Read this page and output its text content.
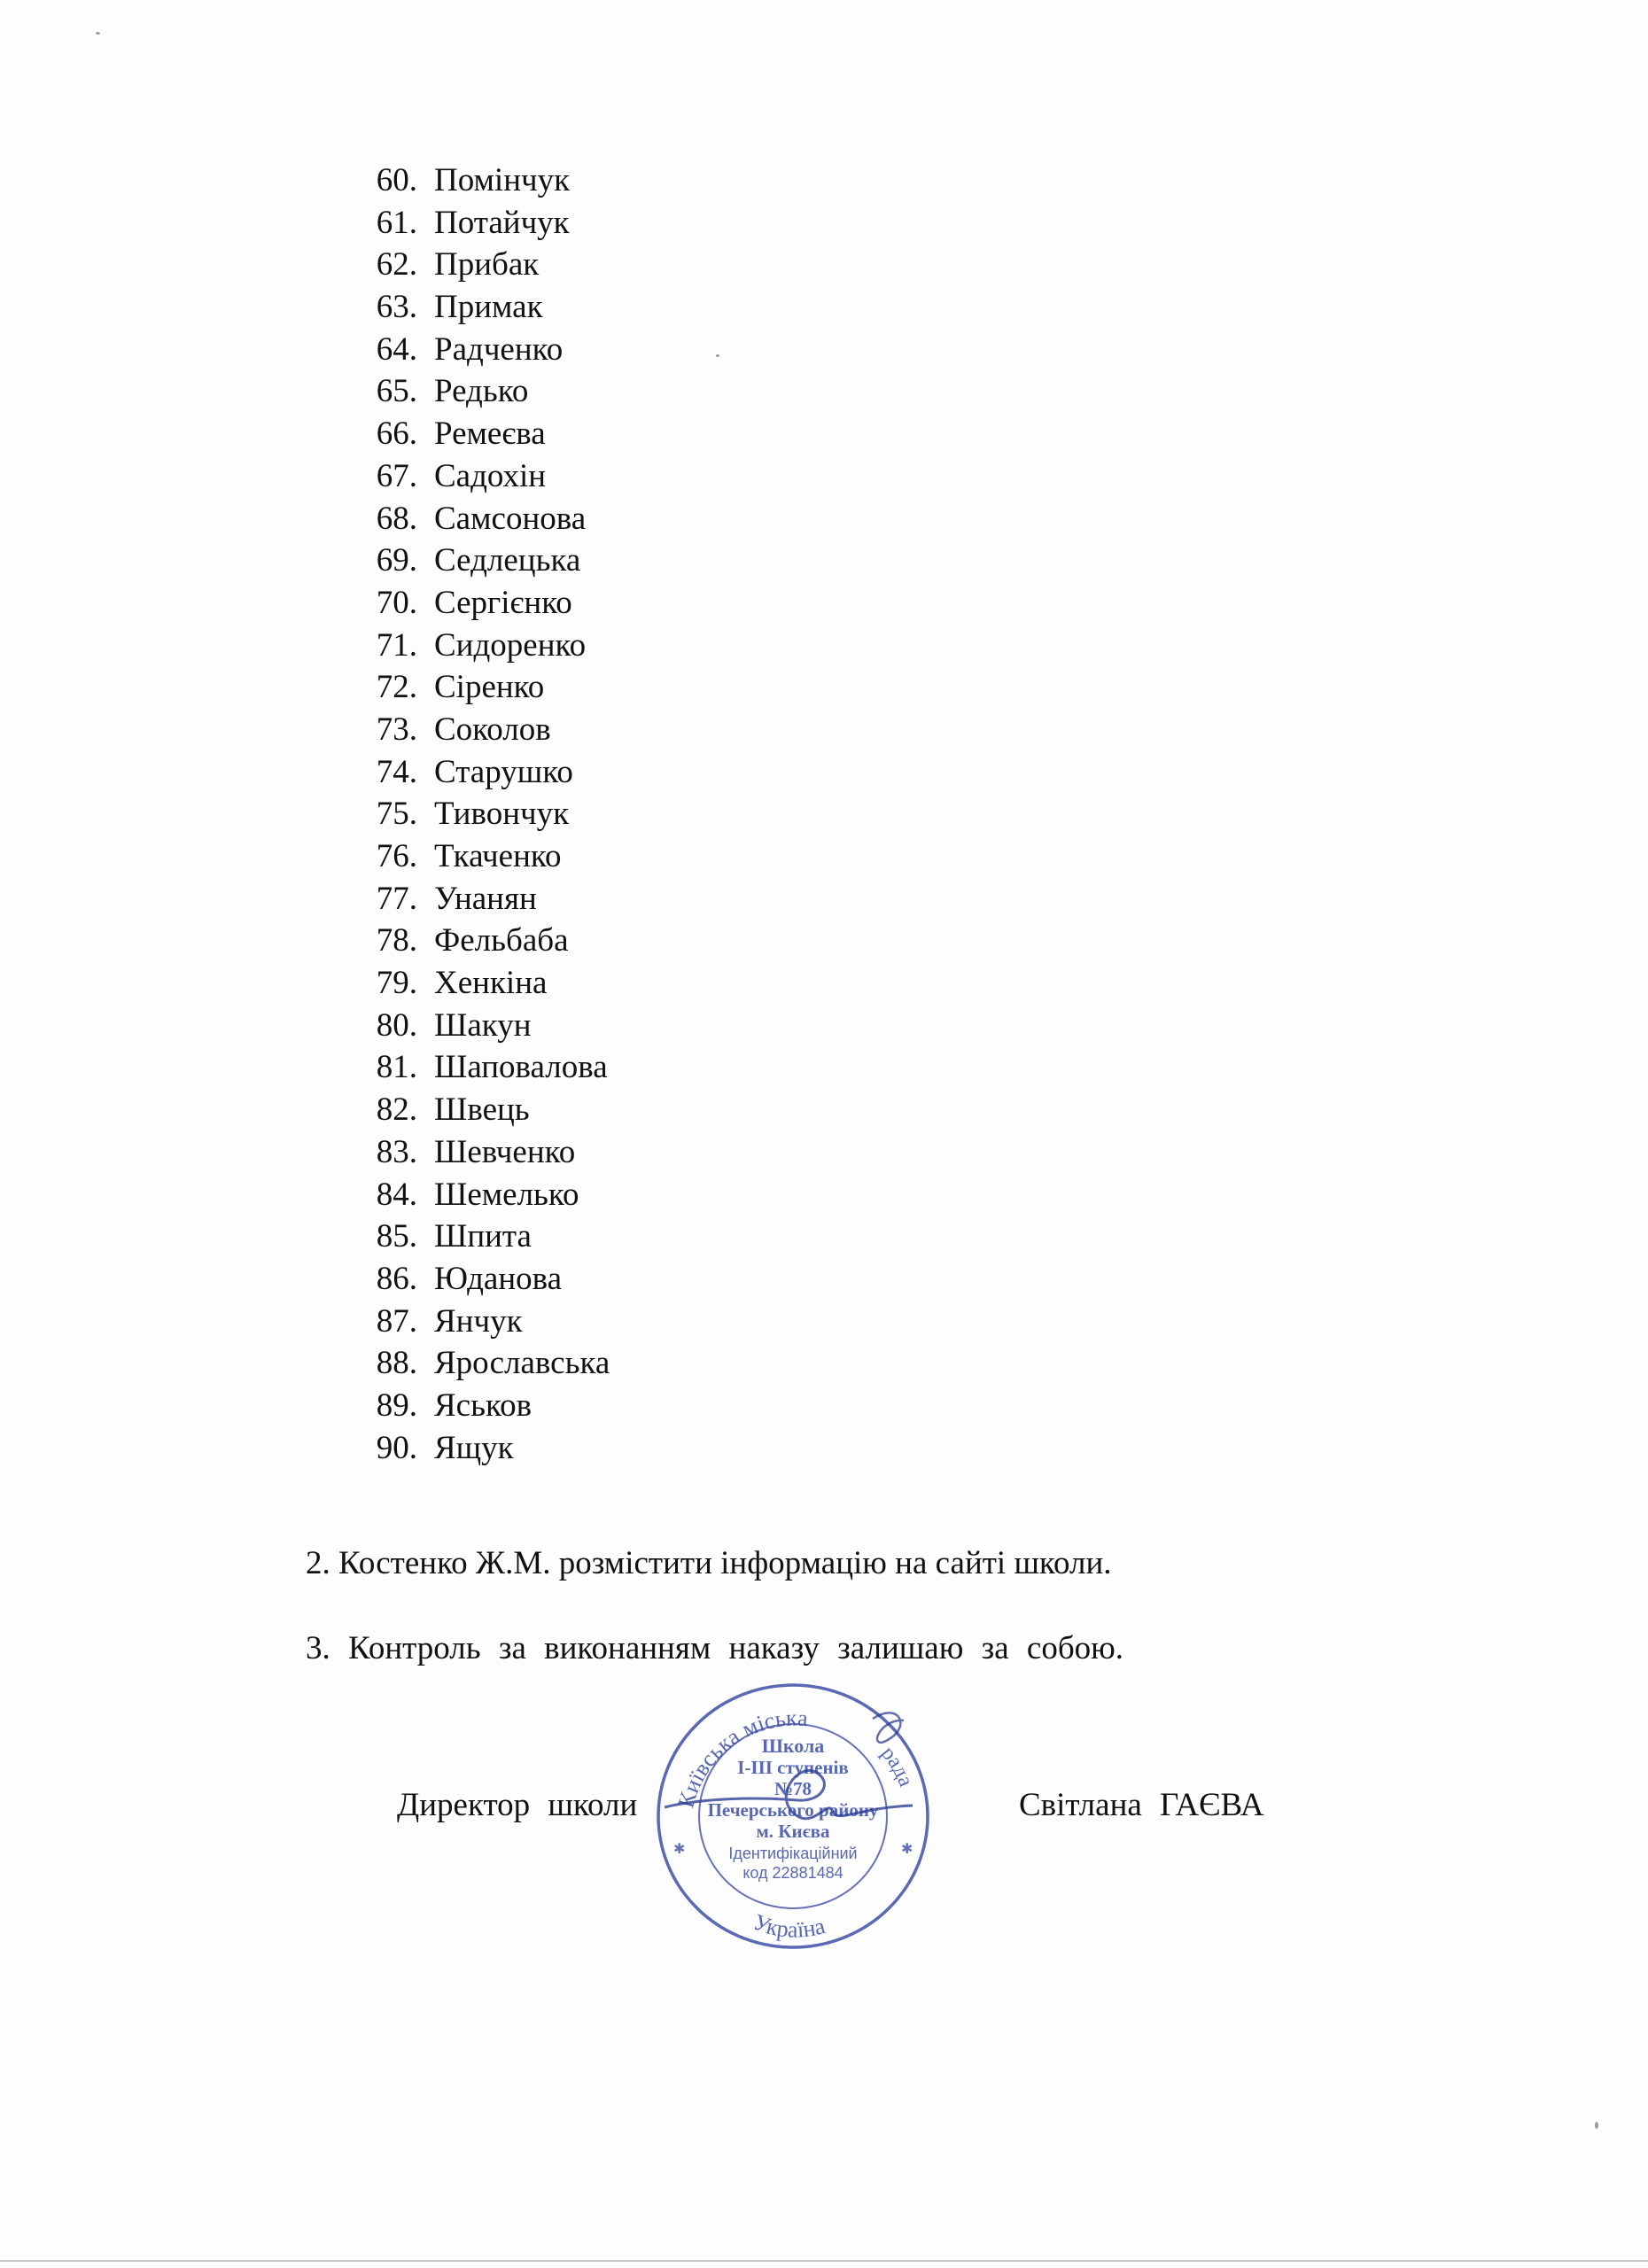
60. Помінчук
61. Потайчук
62. Прибак
63. Примак
64. Радченко
65. Редько
66. Ремеєва
67. Садохін
68. Самсонова
69. Седлецька
70. Сергієнко
71. Сидоренко
72. Сіренко
73. Соколов
74. Старушко
75. Тивончук
76. Ткаченко
77. Унанян
78. Фельбаба
79. Хенкіна
80. Шакун
81. Шаповалова
82. Швець
83. Шевченко
84. Шемелько
85. Шпита
86. Юданова
87. Янчук
88. Ярославська
89. Яськов
90. Ящук
2. Костенко Ж.М. розмістити інформацію на сайті школи.
3. Контроль за виконанням наказу залишаю за собою.
Директор школи	Світлана ГАЄВА
Київська міська
рада
Україна
Школа
І-ІІІ ступенів
№78
Печерського району
м. Києва
Ідентифікаційний
код 22881484
✱	✱
